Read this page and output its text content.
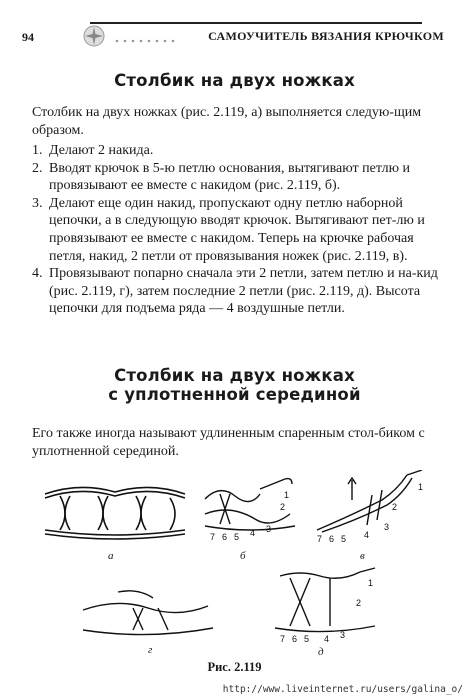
94	САМОУЧИТЕЛЬ ВЯЗАНИЯ КРЮЧКОМ
Столбик на двух ножках
Столбик на двух ножках (рис. 2.119, а) выполняется следую-щим образом.
1. Делают 2 накида.
2. Вводят крючок в 5-ю петлю основания, вытягивают петлю и провязывают ее вместе с накидом (рис. 2.119, б).
3. Делают еще один накид, пропускают одну петлю наборной цепочки, а в следующую вводят крючок. Вытягивают пет-лю и провязывают ее вместе с накидом. Теперь на крючке рабочая петля, накид, 2 петли от провязывания ножек (рис. 2.119, в).
4. Провязывают попарно сначала эти 2 петли, затем петлю и на-кид (рис. 2.119, г), затем последние 2 петли (рис. 2.119, д). Высота цепочки для подъема ряда — 4 воздушные петли.
Столбик на двух ножках
с уплотненной серединой
Его также иногда называют удлиненным спаренным стол-биком с уплотненной серединой.
а
7 6 5 4 3
1
2
б
7 6 5 4
3
2
1
в
г
7 6 5 4 3
2
1
д
Рис. 2.119
http://www.liveinternet.ru/users/galina_o/
